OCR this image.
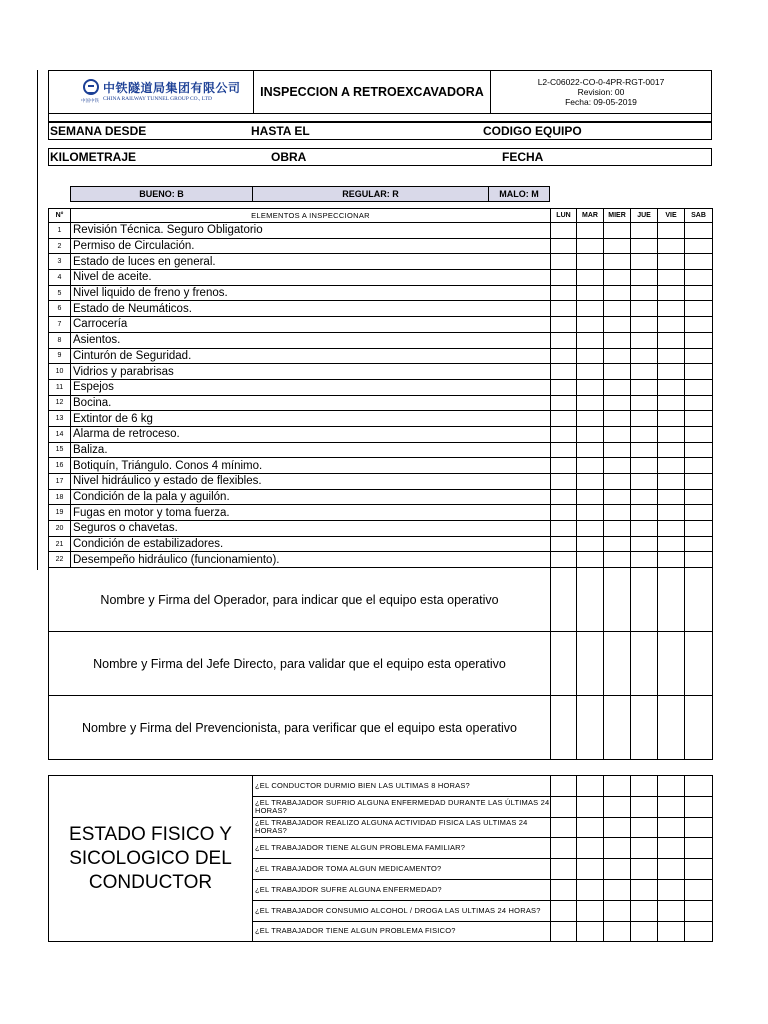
中国中铁
中铁隧道局集团有限公司
CHINA RAILWAY TUNNEL GROUP CO., LTD	INSPECCION A RETROEXCAVADORA
L2-C06022-CO-0-4PR-RGT-0017
Revision: 00
Fecha: 09-05-2019
SEMANA DESDE	HASTA EL	CODIGO EQUIPO
KILOMETRAJE	OBRA	FECHA
BUENO: B	REGULAR: R	MALO: M
N°	ELEMENTOS A INSPECCIONAR	LUN	MAR	MIER	JUE	VIE	SAB
1	Revisión Técnica. Seguro Obligatorio						
2	Permiso de Circulación.						
3	Estado de luces en general.						
4	Nivel de aceite.						
5	Nivel liquido de freno y frenos.						
6	Estado de Neumáticos.						
7	Carrocería						
8	Asientos.						
9	Cinturón de Seguridad.						
10	Vidrios y parabrisas						
11	Espejos						
12	Bocina.						
13	Extintor de 6 kg						
14	Alarma de retroceso.						
15	Baliza.						
16	Botiquín, Triángulo. Conos 4 mínimo.						
17	Nivel hidráulico y estado de flexibles.						
18	Condición de la pala y aguilón.						
19	Fugas en motor y toma fuerza.						
20	Seguros o chavetas.						
21	Condición de estabilizadores.						
22	Desempeño hidráulico (funcionamiento).						
Nombre y Firma del Operador, para indicar que el equipo esta operativo							
Nombre y Firma del Jefe Directo, para validar que el equipo esta operativo							
Nombre y Firma del Prevencionista, para verificar que el equipo esta operativo							
ESTADO FISICO Y
SICOLOGICO DEL
CONDUCTOR	¿EL CONDUCTOR DURMIO BIEN LAS ULTIMAS 8 HORAS?						
	¿EL TRABAJADOR SUFRIO ALGUNA ENFERMEDAD DURANTE LAS ÚLTIMAS 24 HORAS?						
	¿EL TRABAJADOR REALIZO ALGUNA ACTIVIDAD FISICA LAS ULTIMAS 24 HORAS?						
	¿EL TRABAJADOR TIENE ALGUN PROBLEMA FAMILIAR?						
	¿EL TRABAJADOR TOMA ALGUN MEDICAMENTO?						
	¿EL TRABAJDOR SUFRE ALGUNA ENFERMEDAD?						
	¿EL TRABAJADOR CONSUMIO ALCOHOL / DROGA LAS ULTIMAS 24 HORAS?						
	¿EL TRABAJADOR TIENE ALGUN PROBLEMA FISICO?						
